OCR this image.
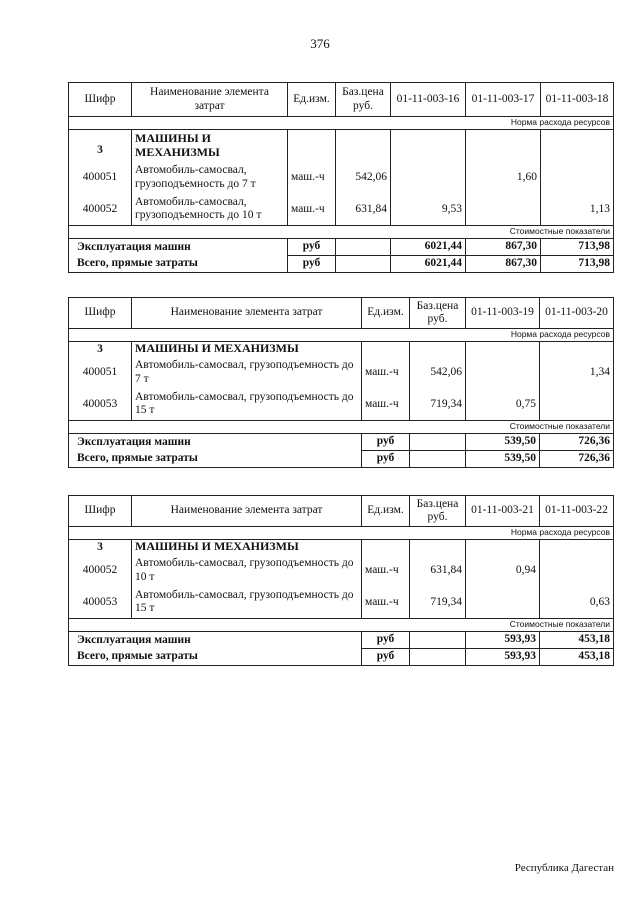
376
Шифр	Наименование элемента затрат	Ед.изм.	Баз.цена руб.	01-11-003-16	01-11-003-17	01-11-003-18
Норма расхода ресурсов						
3	МАШИНЫ И МЕХАНИЗМЫ					
400051	Автомобиль-самосвал, грузоподъемность до 7 т	маш.-ч	542,06		1,60	
400052	Автомобиль-самосвал, грузоподъемность до 10 т	маш.-ч	631,84	9,53		1,13
Стоимостные показатели						
Эксплуатация машин		руб		6021,44	867,30	713,98
Всего, прямые затраты		руб		6021,44	867,30	713,98
Шифр	Наименование элемента затрат	Ед.изм.	Баз.цена руб.	01-11-003-19	01-11-003-20
Норма расхода ресурсов					
3	МАШИНЫ И МЕХАНИЗМЫ				
400051	Автомобиль-самосвал, грузоподъемность до 7 т	маш.-ч	542,06		1,34
400053	Автомобиль-самосвал, грузоподъемность до 15 т	маш.-ч	719,34	0,75	
Стоимостные показатели					
Эксплуатация машин		руб		539,50	726,36
Всего, прямые затраты		руб		539,50	726,36
Шифр	Наименование элемента затрат	Ед.изм.	Баз.цена руб.	01-11-003-21	01-11-003-22
Норма расхода ресурсов					
3	МАШИНЫ И МЕХАНИЗМЫ				
400052	Автомобиль-самосвал, грузоподъемность до 10 т	маш.-ч	631,84	0,94	
400053	Автомобиль-самосвал, грузоподъемность до 15 т	маш.-ч	719,34		0,63
Стоимостные показатели					
Эксплуатация машин		руб		593,93	453,18
Всего, прямые затраты		руб		593,93	453,18
Республика Дагестан
